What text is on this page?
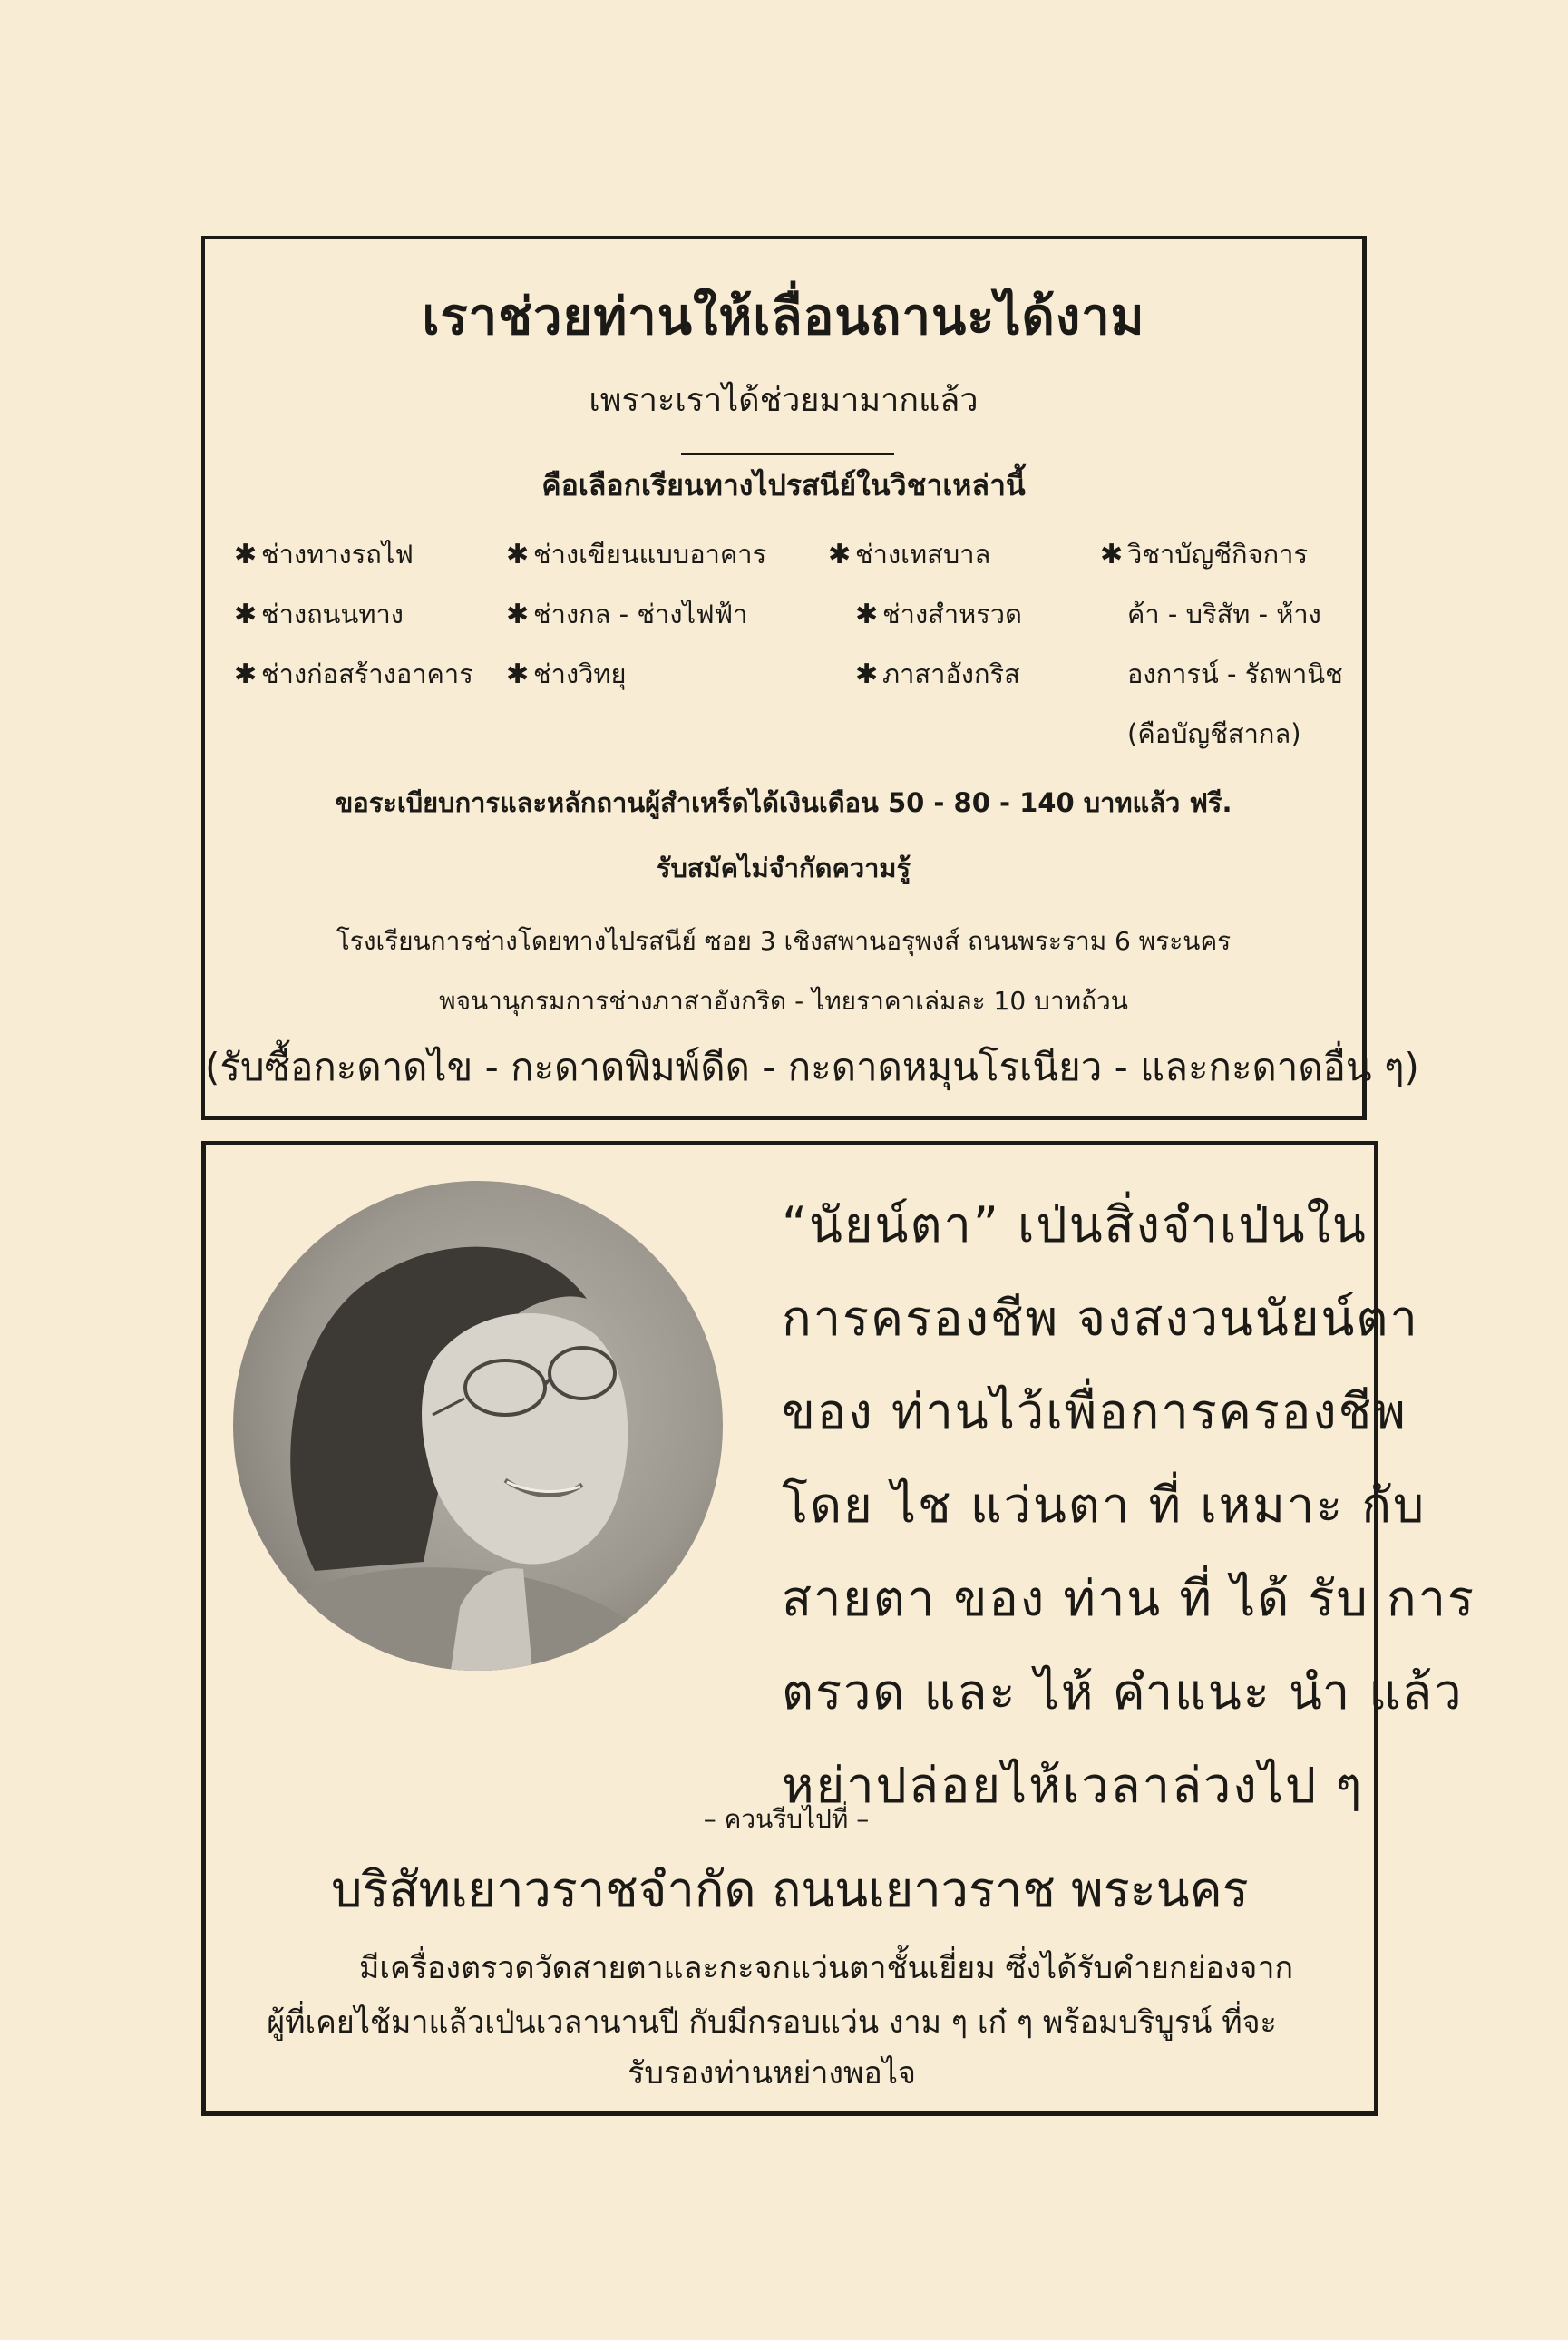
เราช่วยท่านให้เลื่อนถานะได้งาม
เพราะเราได้ช่วยมามากแล้ว
คือเลือกเรียนทางไปรสนีย์ในวิชาเหล่านี้
✱ ช่างทางรถไฟ
✱ ช่างถนนทาง
✱ ช่างก่อสร้างอาคาร
✱ ช่างเขียนแบบอาคาร
✱ ช่างกล - ช่างไฟฟ้า
✱ ช่างวิทยุ
✱ ช่างเทสบาล
✱ ช่างสำหรวด
✱ ภาสาอังกริส
✱ วิชาบัญชีกิจการ
ค้า - บริสัท - ห้าง
องการน์ - รัถพานิช
(คือบัญชีสากล)
ขอระเบียบการและหลักถานผู้สำเหร็ดได้เงินเดือน 50 - 80 - 140 บาทแล้ว ฟรี.
รับสมัคไม่จำกัดความรู้
โรงเรียนการช่างโดยทางไปรสนีย์ ซอย 3 เชิงสพานอรุพงส์ ถนนพระราม 6 พระนคร
พจนานุกรมการช่างภาสาอังกริด - ไทยราคาเล่มละ 10 บาทถ้วน
(รับซื้อกะดาดไข - กะดาดพิมพ์ดีด - กะดาดหมุนโรเนียว - และกะดาดอื่น ๆ)
“นัยน์ตา” เป่นสิ่งจำเป่นใน
การครองชีพ จงสงวนนัยน์ตา
ของ ท่านไว้เพื่อการครองชีพ
โดย ไช แว่นตา ที่ เหมาะ กับ
สายตา ของ ท่าน ที่ ได้ รับ การ
ตรวด และ ไห้ คำแนะ นำ แล้ว
หย่าปล่อยไห้เวลาล่วงไป ๆ
– ควนรีบไปที่ –
บริสัทเยาวราชจำกัด ถนนเยาวราช พระนคร
มีเครื่องตรวดวัดสายตาและกะจกแว่นตาชั้นเยี่ยม ซึ่งได้รับคำยกย่องจาก
ผู้ที่เคยไช้มาแล้วเป่นเวลานานปี กับมีกรอบแว่น งาม ๆ เก๋ ๆ พร้อมบริบูรน์ ที่จะ
รับรองท่านหย่างพอไจ
